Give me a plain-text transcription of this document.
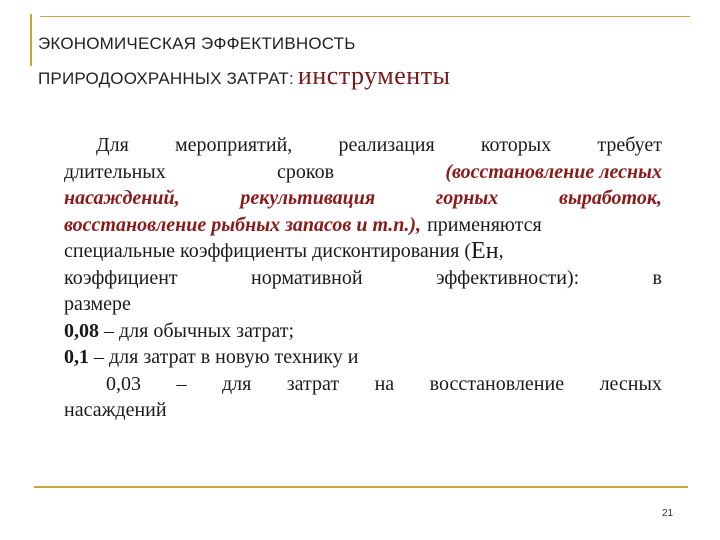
ЭКОНОМИЧЕСКАЯ ЭФФЕКТИВНОСТЬ
ПРИРОДООХРАННЫХ ЗАТРАТ: инструменты
Для мероприятий, реализация которых требует
длительных	сроков	(восстановление лесных
насаждений,	рекультивация	горных	выработок,
восстановление рыбных запасов и т.п.), применяются
специальные коэффициенты дисконтирования ( Ен ,
коэффициент	нормативной	эффективности):	в
размере
0,08 – для обычных затрат;
0,1 – для затрат в новую технику и
0,03 – для затрат на восстановление лесных
насаждений
21
